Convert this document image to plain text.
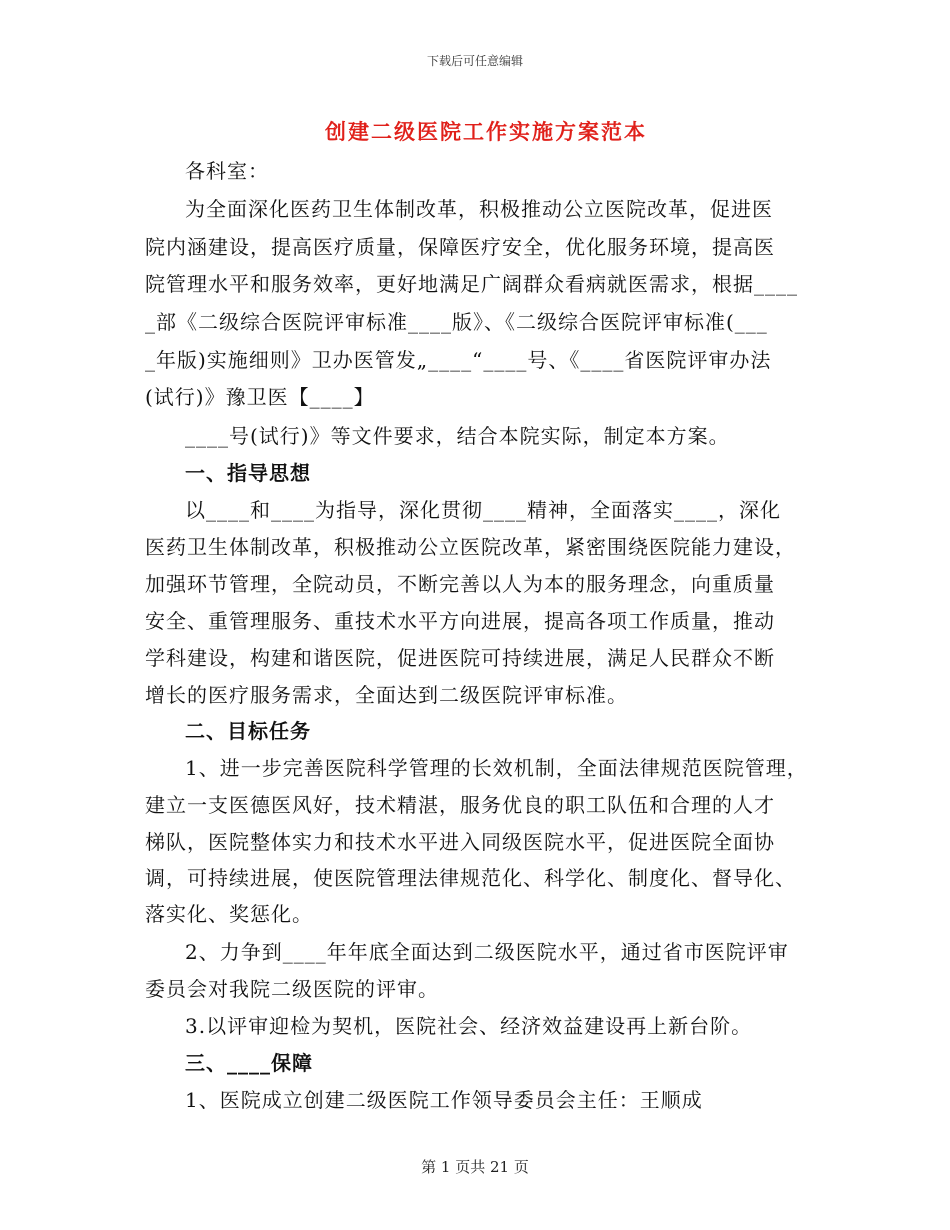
下载后可任意编辑
创建二级医院工作实施方案范本
各科室：
为全面深化医药卫生体制改革，积极推动公立医院改革，促进医
院内涵建设，提高医疗质量，保障医疗安全，优化服务环境，提高医
院管理水平和服务效率，更好地满足广阔群众看病就医需求，根据____
_部《二级综合医院评审标准____版》、《二级综合医院评审标准(___
_年版)实施细则》卫办医管发„____“____号、《____省医院评审办法
(试行)》豫卫医【____】
____号(试行)》等文件要求，结合本院实际，制定本方案。
一、指导思想
以____和____为指导，深化贯彻____精神，全面落实____，深化
医药卫生体制改革，积极推动公立医院改革，紧密围绕医院能力建设，
加强环节管理，全院动员，不断完善以人为本的服务理念，向重质量
安全、重管理服务、重技术水平方向进展，提高各项工作质量，推动
学科建设，构建和谐医院，促进医院可持续进展，满足人民群众不断
增长的医疗服务需求，全面达到二级医院评审标准。
二、目标任务
1、进一步完善医院科学管理的长效机制，全面法律规范医院管理，
建立一支医德医风好，技术精湛，服务优良的职工队伍和合理的人才
梯队，医院整体实力和技术水平进入同级医院水平，促进医院全面协
调，可持续进展，使医院管理法律规范化、科学化、制度化、督导化、
落实化、奖惩化。
2、力争到____年年底全面达到二级医院水平，通过省市医院评审
委员会对我院二级医院的评审。
3.以评审迎检为契机，医院社会、经济效益建设再上新台阶。
三、____保障
1、医院成立创建二级医院工作领导委员会主任：王顺成
第 1 页共 21 页
